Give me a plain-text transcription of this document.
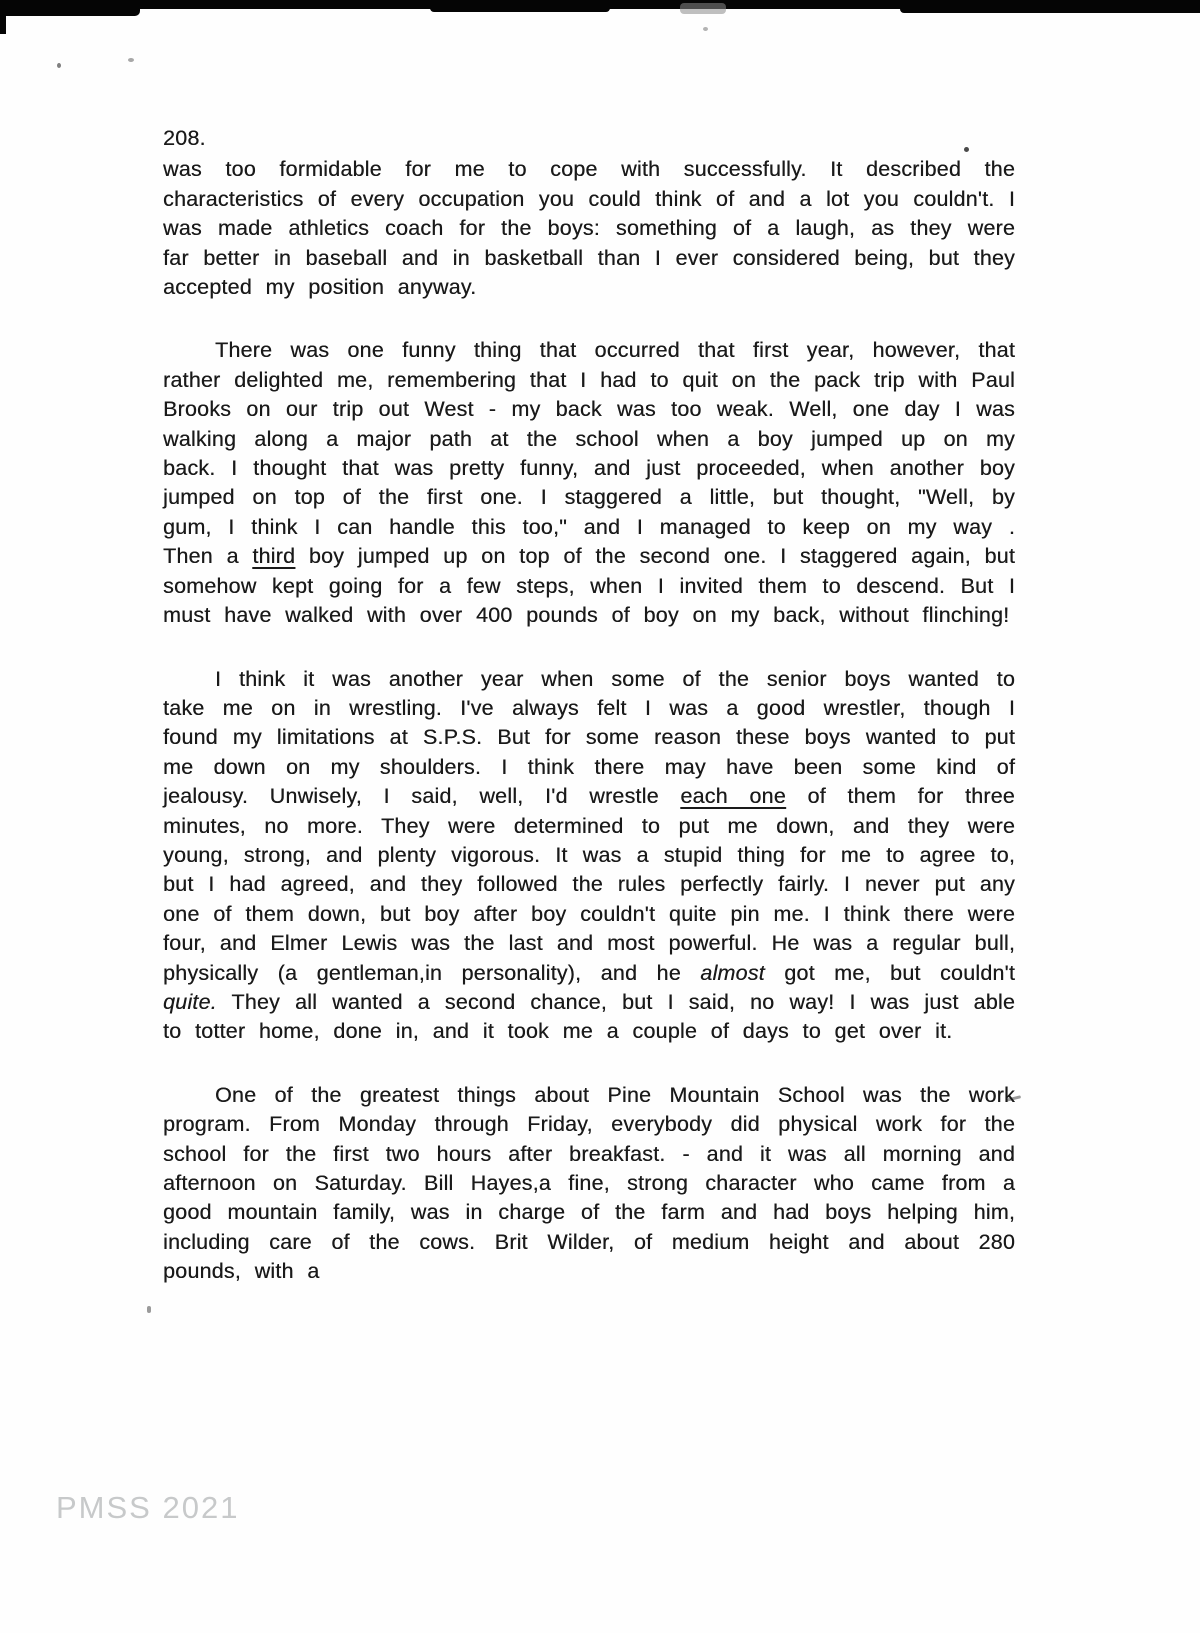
208.

was too formidable for me to cope with successfully. It described the characteristics of every occupation you could think of and a lot you couldn't. I was made athletics coach for the boys: something of a laugh, as they were far better in baseball and in basketball than I ever considered being, but they accepted my position anyway.

There was one funny thing that occurred that first year, however, that rather delighted me, remembering that I had to quit on the pack trip with Paul Brooks on our trip out West - my back was too weak. Well, one day I was walking along a major path at the school when a boy jumped up on my back. I thought that was pretty funny, and just proceeded, when another boy jumped on top of the first one. I staggered a little, but thought, "Well, by gum, I think I can handle this too," and I managed to keep on my way . Then a third boy jumped up on top of the second one. I staggered again, but somehow kept going for a few steps, when I invited them to descend. But I must have walked with over 400 pounds of boy on my back, without flinching!

I think it was another year when some of the senior boys wanted to take me on in wrestling. I've always felt I was a good wrestler, though I found my limitations at S.P.S. But for some reason these boys wanted to put me down on my shoulders. I think there may have been some kind of jealousy. Unwisely, I said, well, I'd wrestle each one of them for three minutes, no more. They were determined to put me down, and they were young, strong, and plenty vigorous. It was a stupid thing for me to agree to, but I had agreed, and they followed the rules perfectly fairly. I never put any one of them down, but boy after boy couldn't quite pin me. I think there were four, and Elmer Lewis was the last and most powerful. He was a regular bull, physically (a gentleman,in personality), and he almost got me, but couldn't quite. They all wanted a second chance, but I said, no way! I was just able to totter home, done in, and it took me a couple of days to get over it.

One of the greatest things about Pine Mountain School was the work program. From Monday through Friday, everybody did physical work for the school for the first two hours after breakfast. - and it was all morning and afternoon on Saturday. Bill Hayes,a fine, strong character who came from a good mountain family, was in charge of the farm and had boys helping him, including care of the cows. Brit Wilder, of medium height and about 280 pounds, with a

PMSS 2021
